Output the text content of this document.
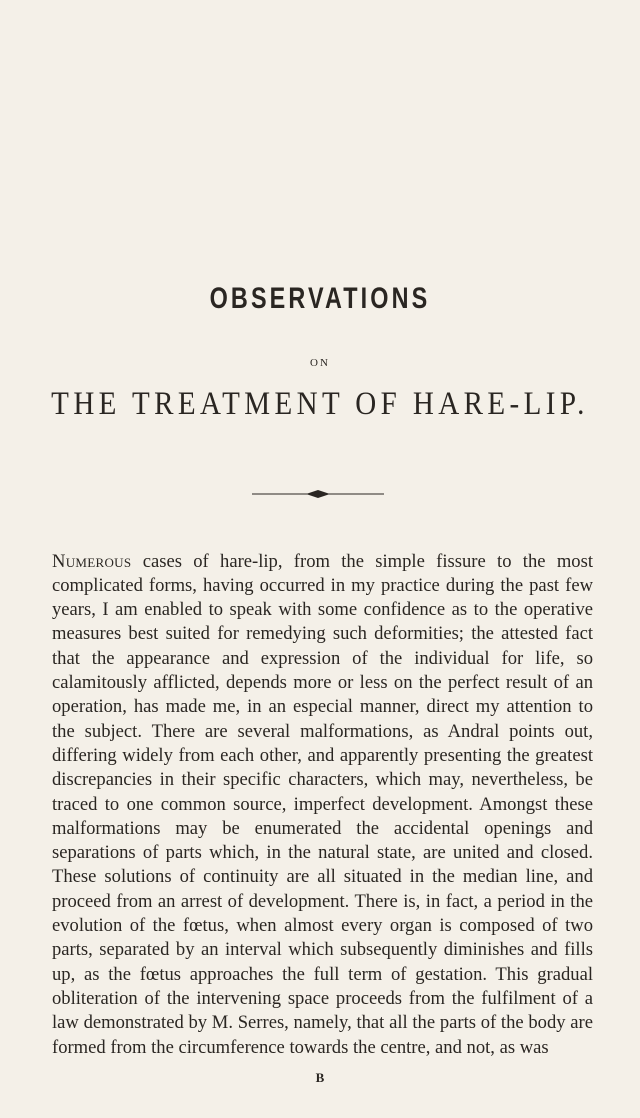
OBSERVATIONS
ON
THE TREATMENT OF HARE-LIP.

Numerous cases of hare-lip, from the simple fissure to the most complicated forms, having occurred in my practice during the past few years, I am enabled to speak with some confidence as to the operative measures best suited for remedying such deformities; the attested fact that the appearance and expression of the individual for life, so calamitously afflicted, depends more or less on the perfect result of an operation, has made me, in an especial manner, direct my attention to the subject. There are several malformations, as Andral points out, differing widely from each other, and apparently presenting the greatest discrepancies in their specific characters, which may, nevertheless, be traced to one common source, imperfect development. Amongst these malformations may be enumerated the accidental openings and separations of parts which, in the natural state, are united and closed. These solutions of continuity are all situated in the median line, and proceed from an arrest of development. There is, in fact, a period in the evolution of the fœtus, when almost every organ is composed of two parts, separated by an interval which subsequently diminishes and fills up, as the fœtus approaches the full term of gestation. This gradual obliteration of the intervening space proceeds from the fulfilment of a law demonstrated by M. Serres, namely, that all the parts of the body are formed from the circumference towards the centre, and not, as was

B
